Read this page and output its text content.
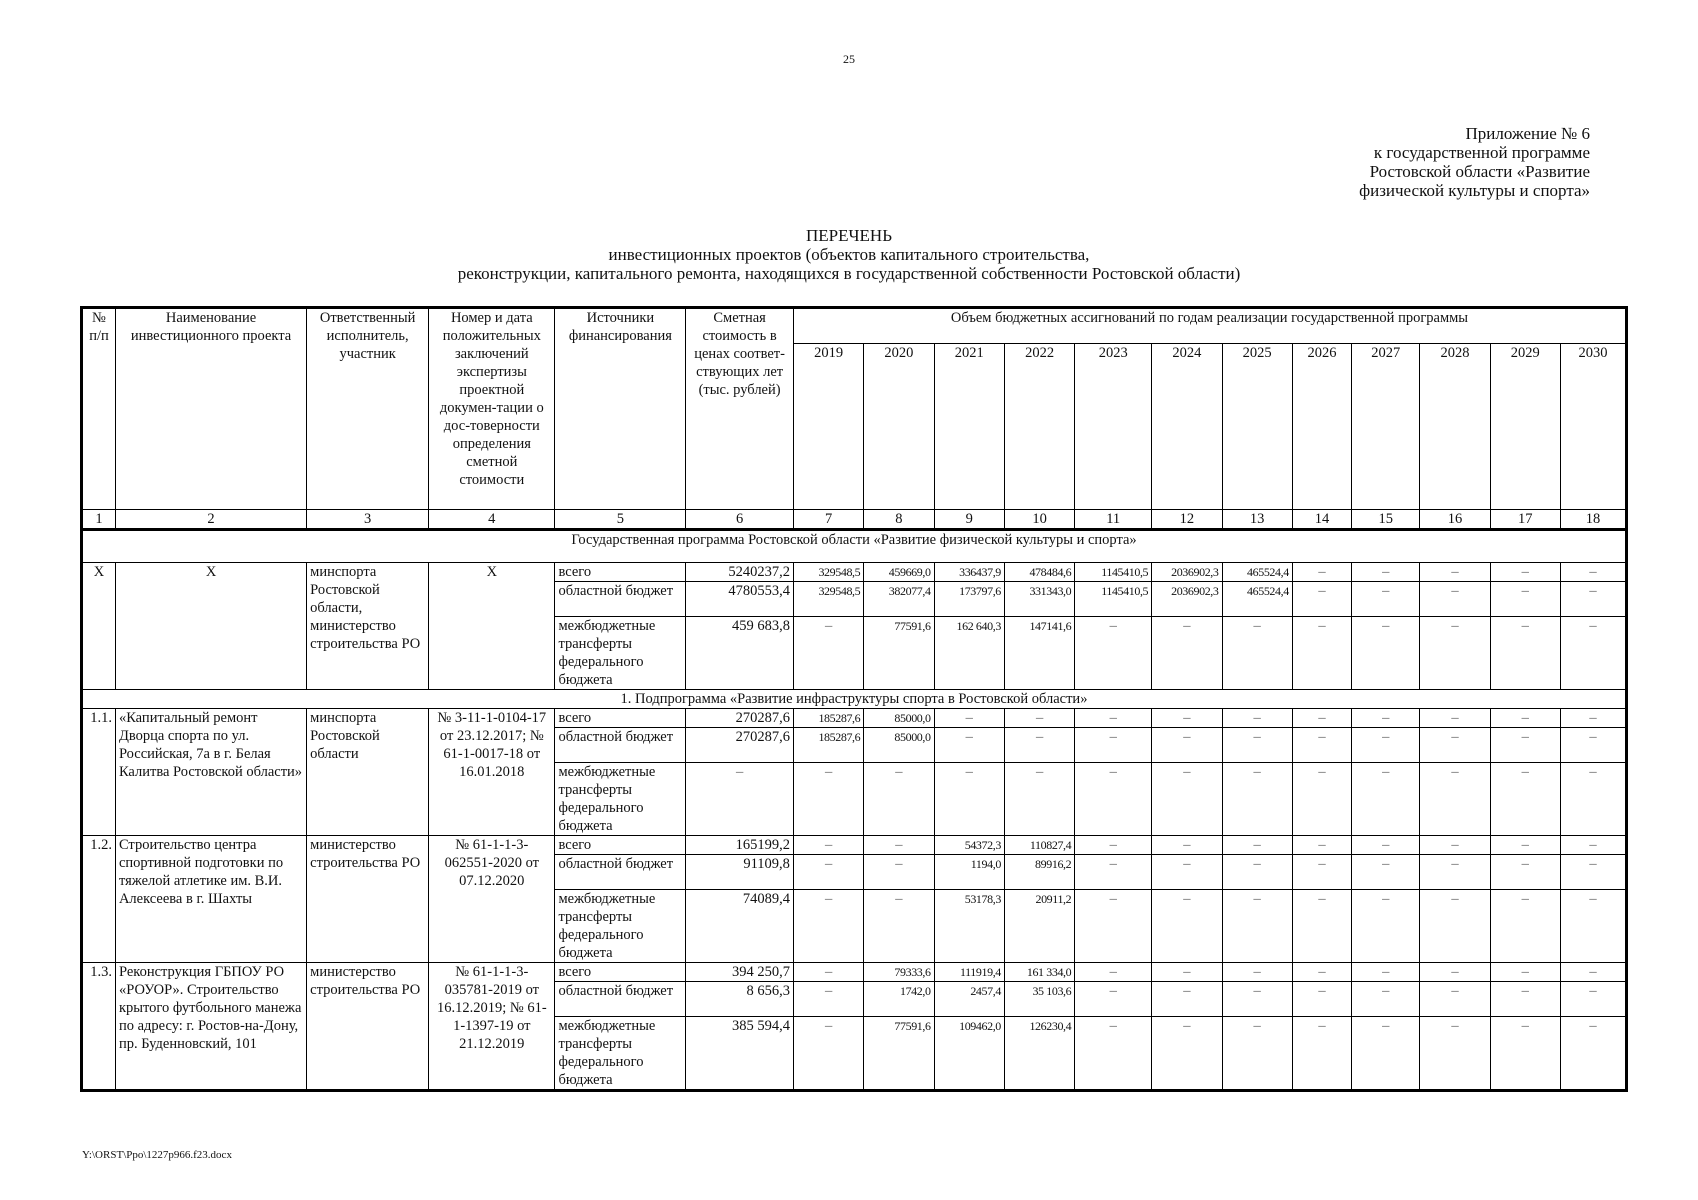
25
Приложение № 6
к государственной программе
Ростовской области «Развитие
физической культуры и спорта»
ПЕРЕЧЕНЬ
инвестиционных проектов (объектов капитального строительства,
реконструкции, капитального ремонта, находящихся в государственной собственности Ростовской области)
№ п/п	Наименование инвестиционного проекта	Ответственный исполнитель, участник	Номер и дата положительных заключений экспертизы проектной докумен-тации о дос-товерности определения сметной стоимости	Источники финансирования	Сметная стоимость в ценах соответ-ствующих лет (тыс. рублей)	Объем бюджетных ассигнований по годам реализации государственной программы											
						2019	2020	2021	2022	2023	2024	2025	2026	2027	2028	2029	2030
1	2	3	4	5	6	7	8	9	10	11	12	13	14	15	16	17	18
Государственная программа Ростовской области «Развитие физической культуры и спорта»																	
Х	Х	минспорта Ростовской области, министерство строительства РО	Х	всего	5240237,2	329548,5	459669,0	336437,9	478484,6	1145410,5	2036902,3	465524,4	–	–	–	–	–
				областной бюджет	4780553,4	329548,5	382077,4	173797,6	331343,0	1145410,5	2036902,3	465524,4	–	–	–	–	–
				межбюджетные трансферты федерального бюджета	459 683,8	–	77591,6	162 640,3	147141,6	–	–	–	–	–	–	–	–
1. Подпрограмма «Развитие инфраструктуры спорта в Ростовской области»																	
1.1.	«Капитальный ремонт Дворца спорта по ул. Российская, 7а в г. Белая Калитва Ростовской области»	минспорта Ростовской области	№ 3-11-1-0104-17 от 23.12.2017; № 61-1-0017-18 от 16.01.2018	всего	270287,6	185287,6	85000,0	–	–	–	–	–	–	–	–	–	–
				областной бюджет	270287,6	185287,6	85000,0	–	–	–	–	–	–	–	–	–	–
				межбюджетные трансферты федерального бюджета	–	–	–	–	–	–	–	–	–	–	–	–	–
1.2.	Строительство центра спортивной подготовки по тяжелой атлетике им. В.И. Алексеева в г. Шахты	министерство строительства РО	№ 61-1-1-3-062551-2020 от 07.12.2020	всего	165199,2	–	–	54372,3	110827,4	–	–	–	–	–	–	–	–
				областной бюджет	91109,8	–	–	1194,0	89916,2	–	–	–	–	–	–	–	–
				межбюджетные трансферты федерального бюджета	74089,4	–	–	53178,3	20911,2	–	–	–	–	–	–	–	–
1.3.	Реконструкция ГБПОУ РО «РОУОР». Строительство крытого футбольного манежа по адресу: г. Ростов-на-Дону, пр. Буденновский, 101	министерство строительства РО	№ 61-1-1-3-035781-2019 от 16.12.2019; № 61-1-1397-19 от 21.12.2019	всего	394 250,7	–	79333,6	111919,4	161 334,0	–	–	–	–	–	–	–	–
				областной бюджет	8 656,3	–	1742,0	2457,4	35 103,6	–	–	–	–	–	–	–	–
				межбюджетные трансферты федерального бюджета	385 594,4	–	77591,6	109462,0	126230,4	–	–	–	–	–	–	–	–
Y:\ORST\Ppo\1227p966.f23.docx
